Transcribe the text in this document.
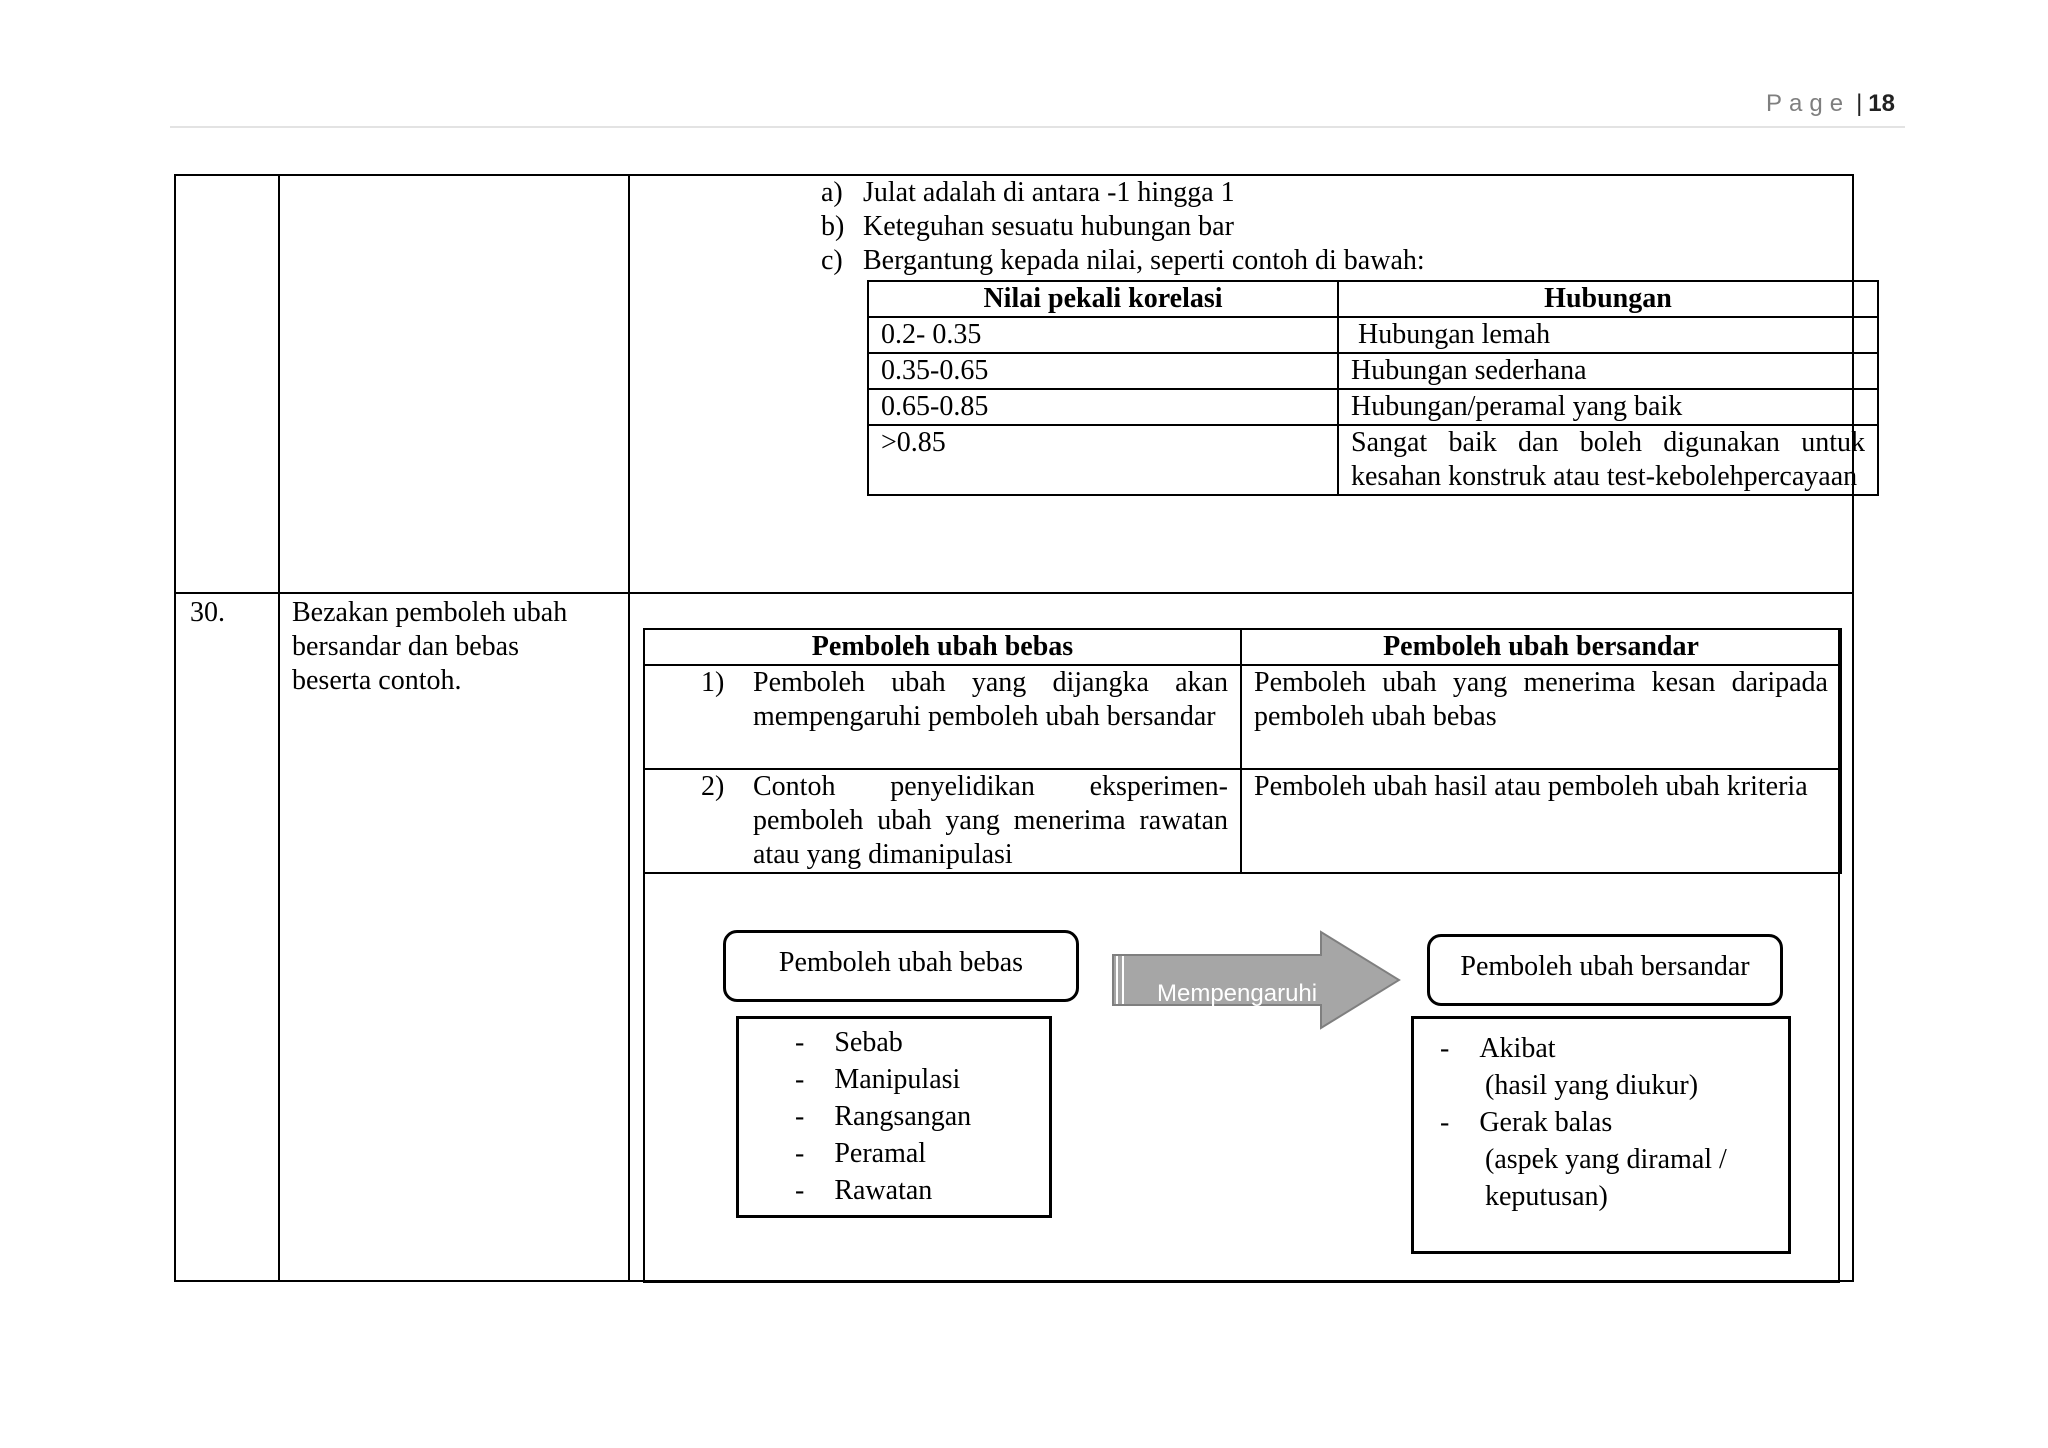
Page | 18
a) Julat adalah di antara -1 hingga 1
b) Keteguhan sesuatu hubungan bar
c) Bergantung kepada nilai, seperti contoh di bawah:
Nilai pekali korelasi	Hubungan
0.2- 0.35	Hubungan lemah
0.35-0.65	Hubungan sederhana
0.65-0.85	Hubungan/peramal yang baik
>0.85	Sangat baik dan boleh digunakan untuk kesahan konstruk atau test-kebolehpercayaan
30. Bezakan pemboleh ubah
bersandar dan bebas
beserta contoh.
Pemboleh ubah bebas	Pemboleh ubah bersandar

1) Pemboleh ubah yang dijangka akan mempengaruhi pemboleh ubah bersandar	Pemboleh ubah yang menerima kesan daripada pemboleh ubah bebas

2) Contoh penyelidikan eksperimen-pemboleh ubah yang menerima rawatan atau yang dimanipulasi	Pemboleh ubah hasil atau pemboleh ubah kriteria
Pemboleh ubah bebas
Mempengaruhi
Pemboleh ubah bersandar
- Sebab
- Manipulasi
- Rangsangan
- Peramal
- Rawatan
- Akibat
(hasil yang diukur)
- Gerak balas
(aspek yang diramal /
keputusan)
